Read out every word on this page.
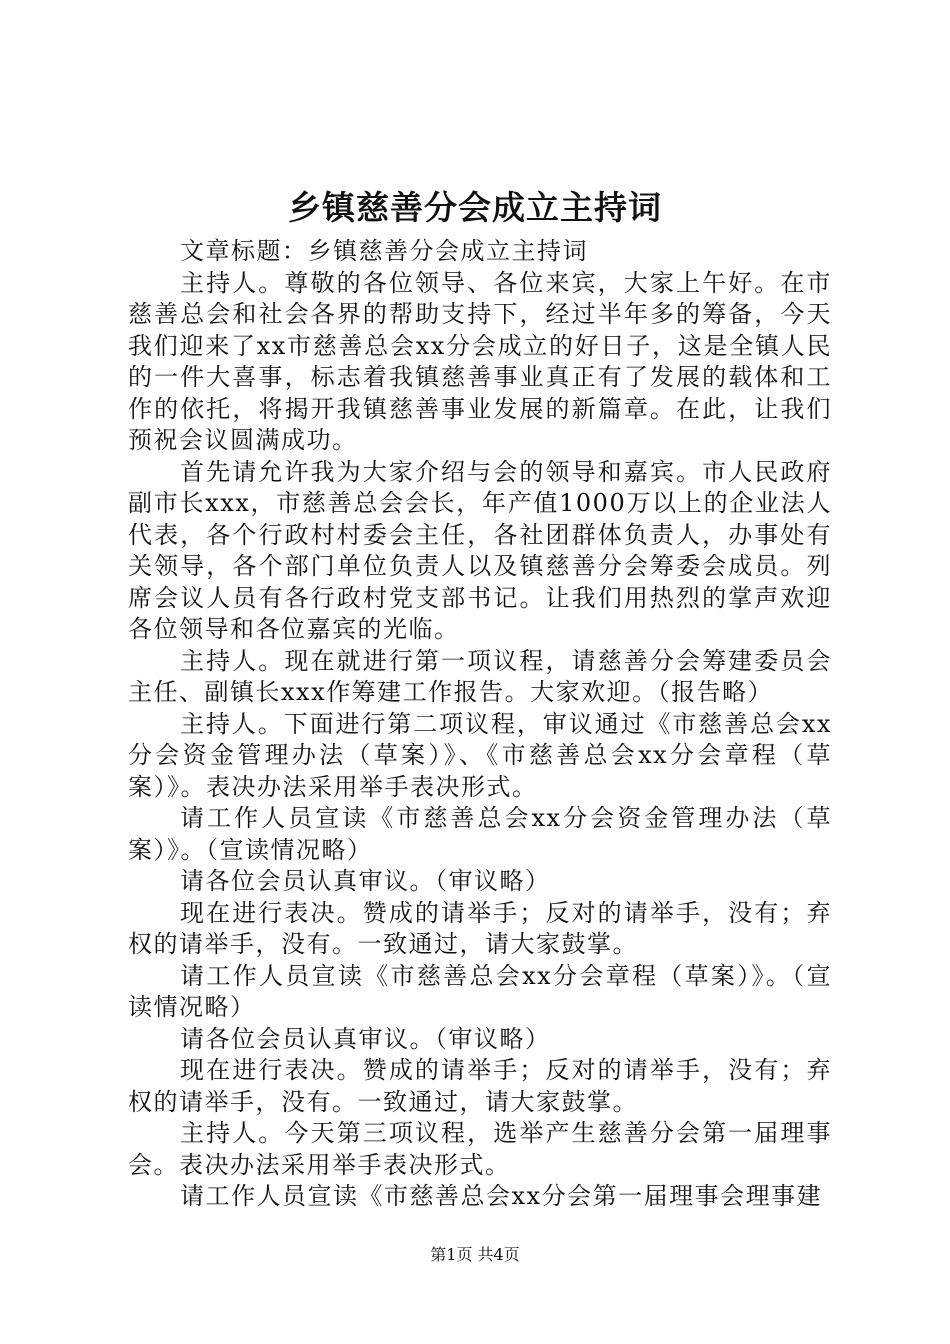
乡镇慈善分会成立主持词

文章标题：乡镇慈善分会成立主持词

主持人。尊敬的各位领导、各位来宾，大家上午好。在市慈善总会和社会各界的帮助支持下，经过半年多的筹备，今天我们迎来了xx市慈善总会xx分会成立的好日子，这是全镇人民的一件大喜事，标志着我镇慈善事业真正有了发展的载体和工作的依托，将揭开我镇慈善事业发展的新篇章。在此，让我们预祝会议圆满成功。

首先请允许我为大家介绍与会的领导和嘉宾。市人民政府副市长xxx，市慈善总会会长，年产值1000万以上的企业法人代表，各个行政村村委会主任，各社团群体负责人，办事处有关领导，各个部门单位负责人以及镇慈善分会筹委会成员。列席会议人员有各行政村党支部书记。让我们用热烈的掌声欢迎各位领导和各位嘉宾的光临。

主持人。现在就进行第一项议程，请慈善分会筹建委员会主任、副镇长xxx作筹建工作报告。大家欢迎。（报告略）

主持人。下面进行第二项议程，审议通过《市慈善总会xx分会资金管理办法（草案）》、《市慈善总会xx分会章程（草案）》。表决办法采用举手表决形式。

请工作人员宣读《市慈善总会xx分会资金管理办法（草案）》。（宣读情况略）

请各位会员认真审议。（审议略）

现在进行表决。赞成的请举手；反对的请举手，没有；弃权的请举手，没有。一致通过，请大家鼓掌。

请工作人员宣读《市慈善总会xx分会章程（草案）》。（宣读情况略）

请各位会员认真审议。（审议略）

现在进行表决。赞成的请举手；反对的请举手，没有；弃权的请举手，没有。一致通过，请大家鼓掌。

主持人。今天第三项议程，选举产生慈善分会第一届理事会。表决办法采用举手表决形式。

请工作人员宣读《市慈善总会xx分会第一届理事会理事建

第1页 共4页
